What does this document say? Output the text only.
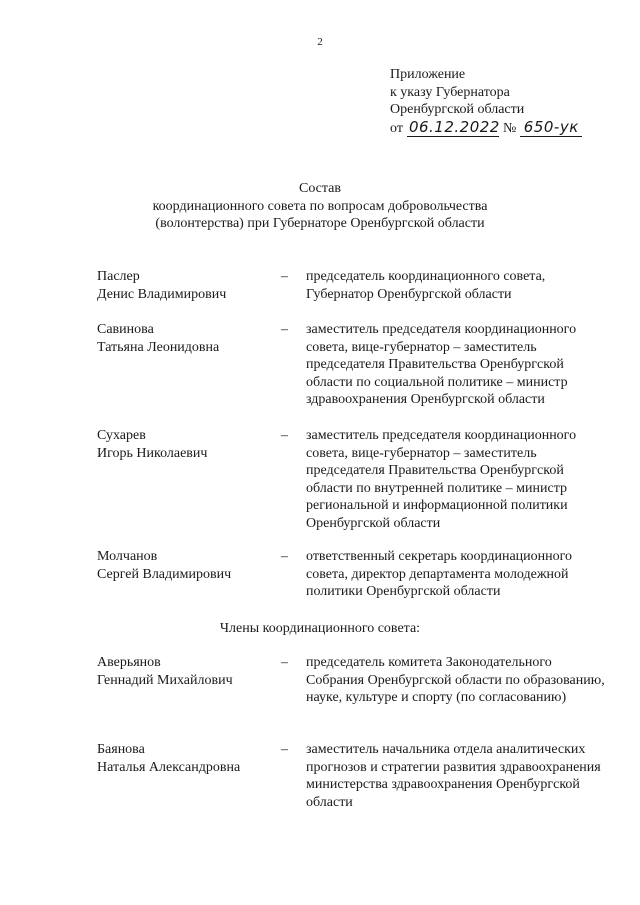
2
Приложение
к указу Губернатора
Оренбургской области
от 06.12.2022 № 650-ук
Состав
координационного совета по вопросам добровольчества
(волонтерства) при Губернаторе Оренбургской области
Паслер
Денис Владимирович
– председатель координационного совета, Губернатор Оренбургской области
Савинова
Татьяна Леонидовна
– заместитель председателя координационного совета, вице-губернатор – заместитель председателя Правительства Оренбургской области по социальной политике – министр здравоохранения Оренбургской области
Сухарев
Игорь Николаевич
– заместитель председателя координационного совета, вице-губернатор – заместитель председателя Правительства Оренбургской области по внутренней политике – министр региональной и информационной политики Оренбургской области
Молчанов
Сергей Владимирович
– ответственный секретарь координационного совета, директор департамента молодежной политики Оренбургской области
Члены координационного совета:
Аверьянов
Геннадий Михайлович
– председатель комитета Законодательного Собрания Оренбургской области по образованию, науке, культуре и спорту (по согласованию)
Баянова
Наталья Александровна
– заместитель начальника отдела аналитических прогнозов и стратегии развития здравоохранения министерства здравоохранения Оренбургской области
